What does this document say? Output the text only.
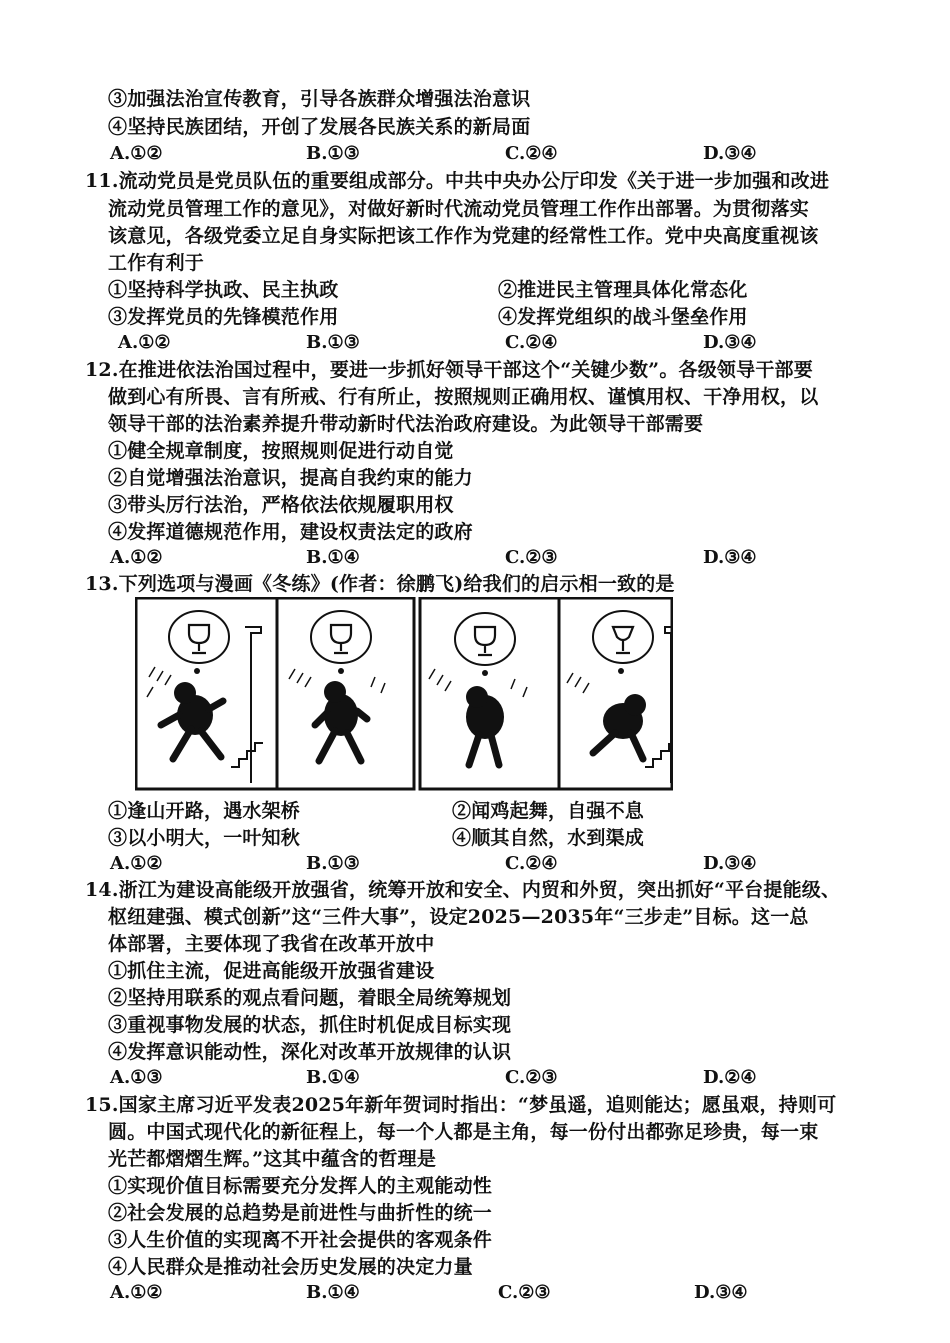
③加强法治宣传教育，引导各族群众增强法治意识
④坚持民族团结，开创了发展各民族关系的新局面
A.①②	B.①③	C.②④	D.③④
11.流动党员是党员队伍的重要组成部分。中共中央办公厅印发《关于进一步加强和改进
流动党员管理工作的意见》，对做好新时代流动党员管理工作作出部署。为贯彻落实
该意见，各级党委立足自身实际把该工作作为党建的经常性工作。党中央高度重视该
工作有利于
①坚持科学执政、民主执政	②推进民主管理具体化常态化
③发挥党员的先锋模范作用	④发挥党组织的战斗堡垒作用
A.①②	B.①③	C.②④	D.③④
12.在推进依法治国过程中，要进一步抓好领导干部这个“关键少数”。各级领导干部要
做到心有所畏、言有所戒、行有所止，按照规则正确用权、谨慎用权、干净用权，以
领导干部的法治素养提升带动新时代法治政府建设。为此领导干部需要
①健全规章制度，按照规则促进行动自觉
②自觉增强法治意识，提高自我约束的能力
③带头厉行法治，严格依法依规履职用权
④发挥道德规范作用，建设权责法定的政府
A.①②	B.①④	C.②③	D.③④
13.下列选项与漫画《冬练》(作者：徐鹏飞)给我们的启示相一致的是
①逢山开路，遇水架桥	②闻鸡起舞，自强不息
③以小明大，一叶知秋	④顺其自然，水到渠成
A.①②	B.①③	C.②④	D.③④
14.浙江为建设高能级开放强省，统筹开放和安全、内贸和外贸，突出抓好“平台提能级、
枢纽建强、模式创新”这“三件大事”，设定2025—2035年“三步走”目标。这一总
体部署，主要体现了我省在改革开放中
①抓住主流，促进高能级开放强省建设
②坚持用联系的观点看问题，着眼全局统筹规划
③重视事物发展的状态，抓住时机促成目标实现
④发挥意识能动性，深化对改革开放规律的认识
A.①③	B.①④	C.②③	D.②④
15.国家主席习近平发表2025年新年贺词时指出：“梦虽遥，追则能达；愿虽艰，持则可
圆。中国式现代化的新征程上，每一个人都是主角，每一份付出都弥足珍贵，每一束
光芒都熠熠生辉。”这其中蕴含的哲理是
①实现价值目标需要充分发挥人的主观能动性
②社会发展的总趋势是前进性与曲折性的统一
③人生价值的实现离不开社会提供的客观条件
④人民群众是推动社会历史发展的决定力量
A.①②	B.①④	C.②③	D.③④
